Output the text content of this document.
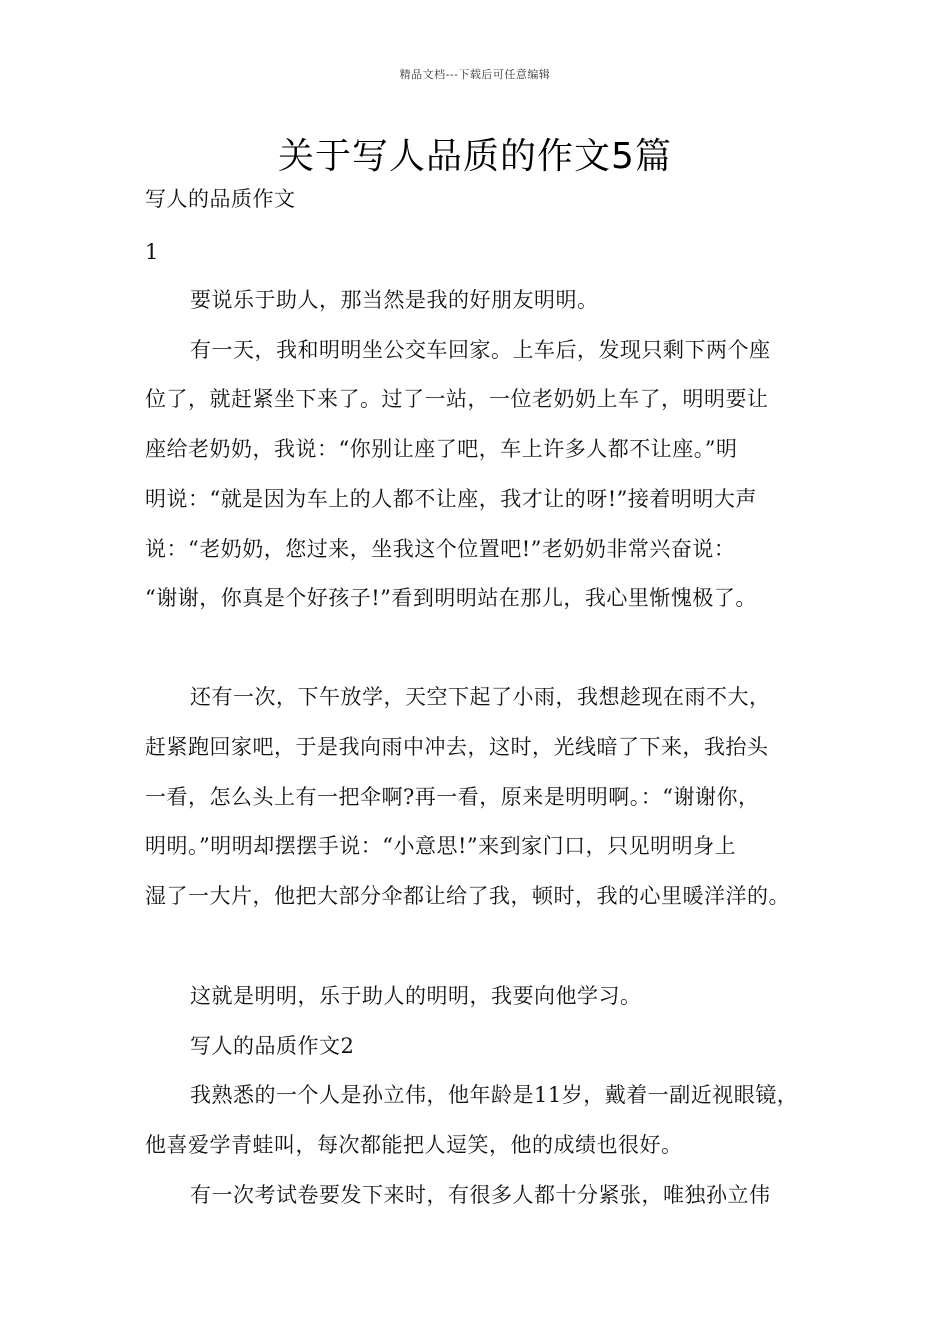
精品文档---下载后可任意编辑
关于写人品质的作文5篇
写人的品质作文
1
要说乐于助人，那当然是我的好朋友明明。
有一天，我和明明坐公交车回家。上车后，发现只剩下两个座
位了，就赶紧坐下来了。过了一站，一位老奶奶上车了，明明要让
座给老奶奶，我说：“你别让座了吧，车上许多人都不让座。”明
明说：“就是因为车上的人都不让座，我才让的呀!”接着明明大声
说：“老奶奶，您过来，坐我这个位置吧!”老奶奶非常兴奋说：
“谢谢，你真是个好孩子!”看到明明站在那儿，我心里惭愧极了。
还有一次，下午放学，天空下起了小雨，我想趁现在雨不大，
赶紧跑回家吧，于是我向雨中冲去，这时，光线暗了下来，我抬头
一看，怎么头上有一把伞啊?再一看，原来是明明啊。：“谢谢你，
明明。”明明却摆摆手说：“小意思!”来到家门口，只见明明身上
湿了一大片，他把大部分伞都让给了我，顿时，我的心里暖洋洋的。
这就是明明，乐于助人的明明，我要向他学习。
写人的品质作文2
我熟悉的一个人是孙立伟，他年龄是11岁，戴着一副近视眼镜，
他喜爱学青蛙叫，每次都能把人逗笑，他的成绩也很好。
有一次考试卷要发下来时，有很多人都十分紧张，唯独孙立伟
